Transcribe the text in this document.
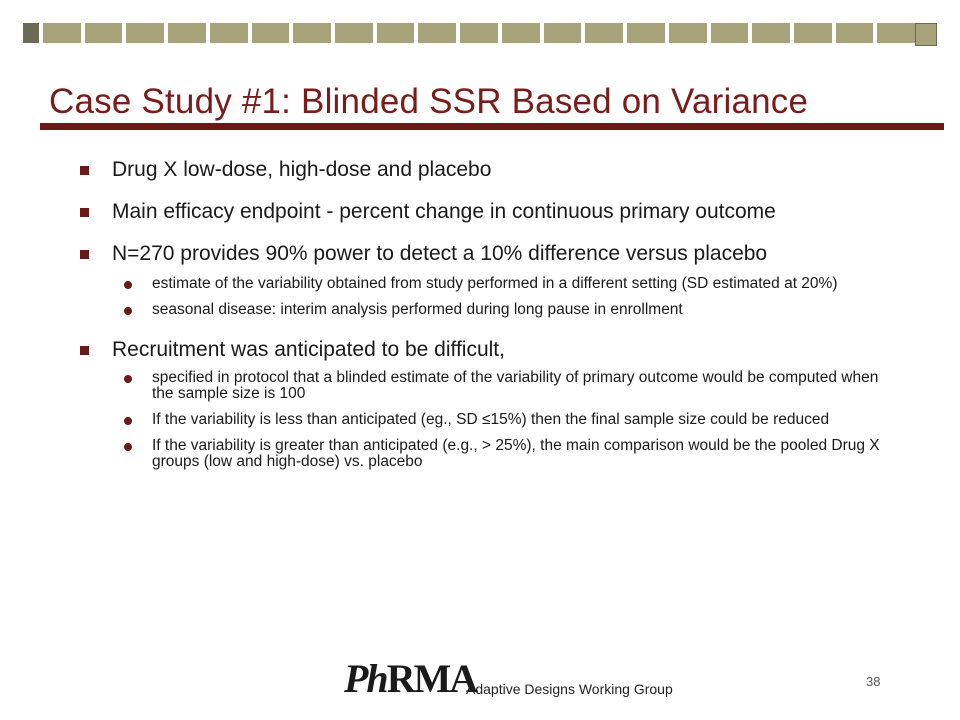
Case Study #1: Blinded SSR Based on Variance
Drug X low-dose, high-dose and placebo
Main efficacy endpoint - percent change in continuous primary outcome
N=270 provides 90% power to detect a 10% difference versus placebo
estimate of the variability obtained from study performed in a different setting (SD estimated at 20%)
seasonal disease: interim analysis performed during long pause in enrollment
Recruitment was anticipated to be difficult,
specified in protocol that a blinded estimate of the variability of primary outcome would be computed when the sample size is 100
If the variability is less than anticipated (eg., SD ≤15%) then the final sample size could be reduced
If the variability is greater than anticipated (e.g., > 25%), the main comparison would be the pooled Drug X groups (low and high-dose) vs. placebo
PhRMA
Adaptive Designs Working Group	38
